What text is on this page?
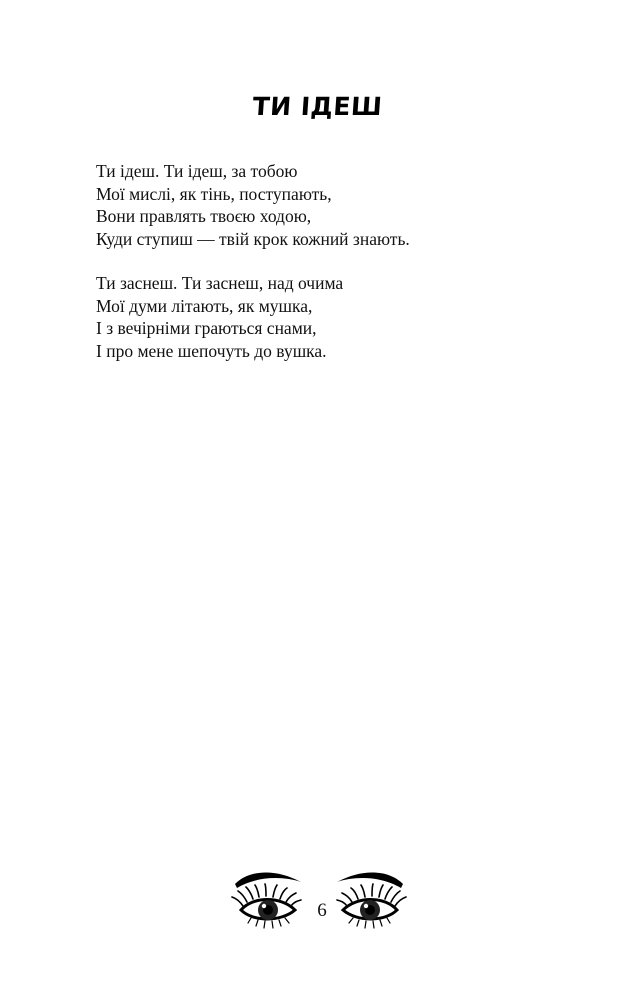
ТИ ІДЕШ
Ти ідеш. Ти ідеш, за тобою
Мої мислі, як тінь, поступають,
Вони правлять твоєю ходою,
Куди ступиш — твій крок кожний знають.
Ти заснеш. Ти заснеш, над очима
Мої думи літають, як мушка,
І з вечірніми граються снами,
І про мене шепочуть до вушка.
6
